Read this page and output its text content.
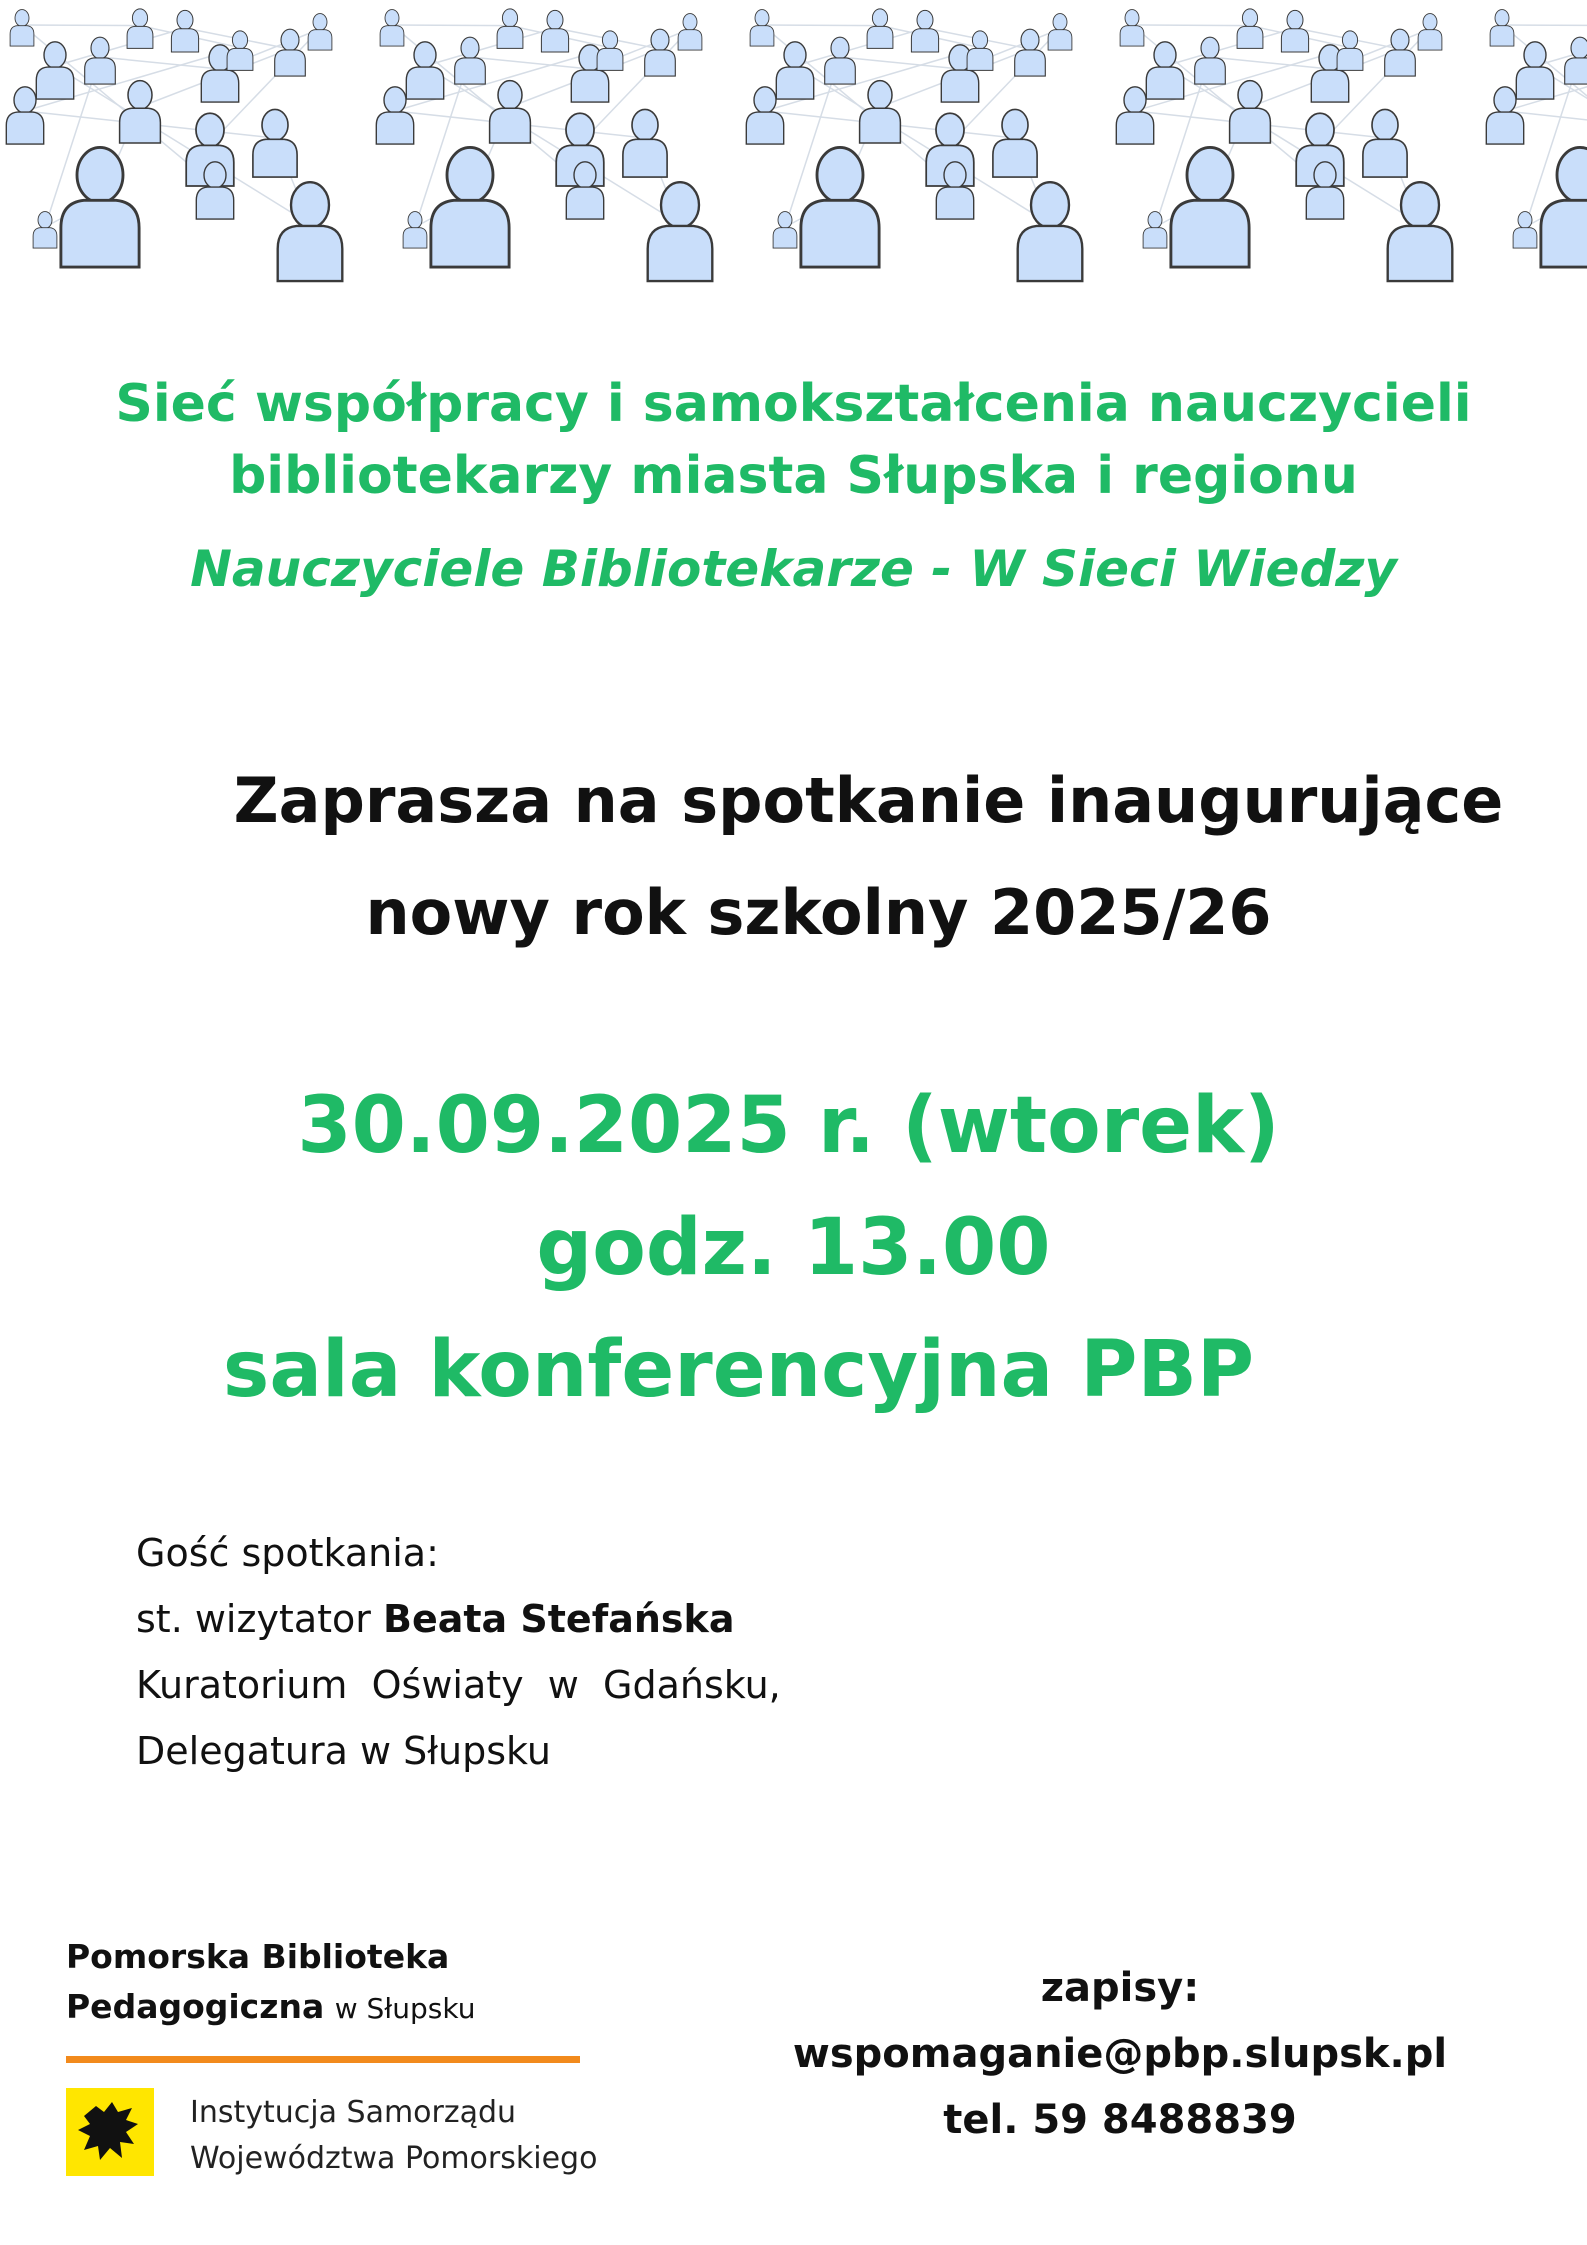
Sieć współpracy i samokształcenia nauczycieli
bibliotekarzy miasta Słupska i regionu
Nauczyciele Bibliotekarze - W Sieci Wiedzy
Zaprasza na spotkanie inaugurujące
nowy rok szkolny 2025/26
30.09.2025 r. (wtorek)
godz. 13.00
sala konferencyjna PBP
Gość spotkania:
st. wizytator Beata Stefańska
Kuratorium  Oświaty  w  Gdańsku,
Delegatura w Słupsku
Pomorska Biblioteka
Pedagogiczna w Słupsku
Instytucja Samorządu
Województwa Pomorskiego
zapisy:
wspomaganie@pbp.slupsk.pl
tel. 59 8488839
